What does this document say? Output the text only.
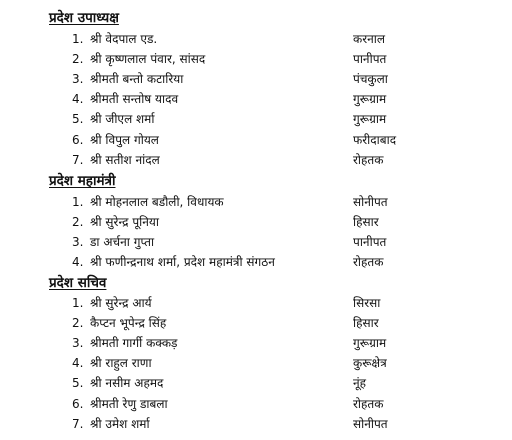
प्रदेश उपाध्यक्ष
1. श्री वेदपाल एड.	करनाल
2. श्री कृष्णलाल पंवार, सांसद	पानीपत
3. श्रीमती बन्तो कटारिया	पंचकुला
4. श्रीमती सन्तोष यादव	गुरूग्राम
5. श्री जीएल शर्मा	गुरूग्राम
6. श्री विपुल गोयल	फरीदाबाद
7. श्री सतीश नांदल	रोहतक
प्रदेश महामंत्री
1. श्री मोहनलाल बडौली, विधायक	सोनीपत
2. श्री सुरेन्द्र पूनिया	हिसार
3. डा अर्चना गुप्ता	पानीपत
4. श्री फणीन्द्रनाथ शर्मा, प्रदेश महामंत्री संगठन	रोहतक
प्रदेश सचिव
1. श्री सुरेन्द्र आर्य	सिरसा
2. कैप्टन भूपेन्द्र सिंह	हिसार
3. श्रीमती गार्गी कक्कड़	गुरूग्राम
4. श्री राहुल राणा	कुरूक्षेत्र
5. श्री नसीम अहमद	नूंह
6. श्रीमती रेणु डाबला	रोहतक
7. श्री उमेश शर्मा	सोनीपत
